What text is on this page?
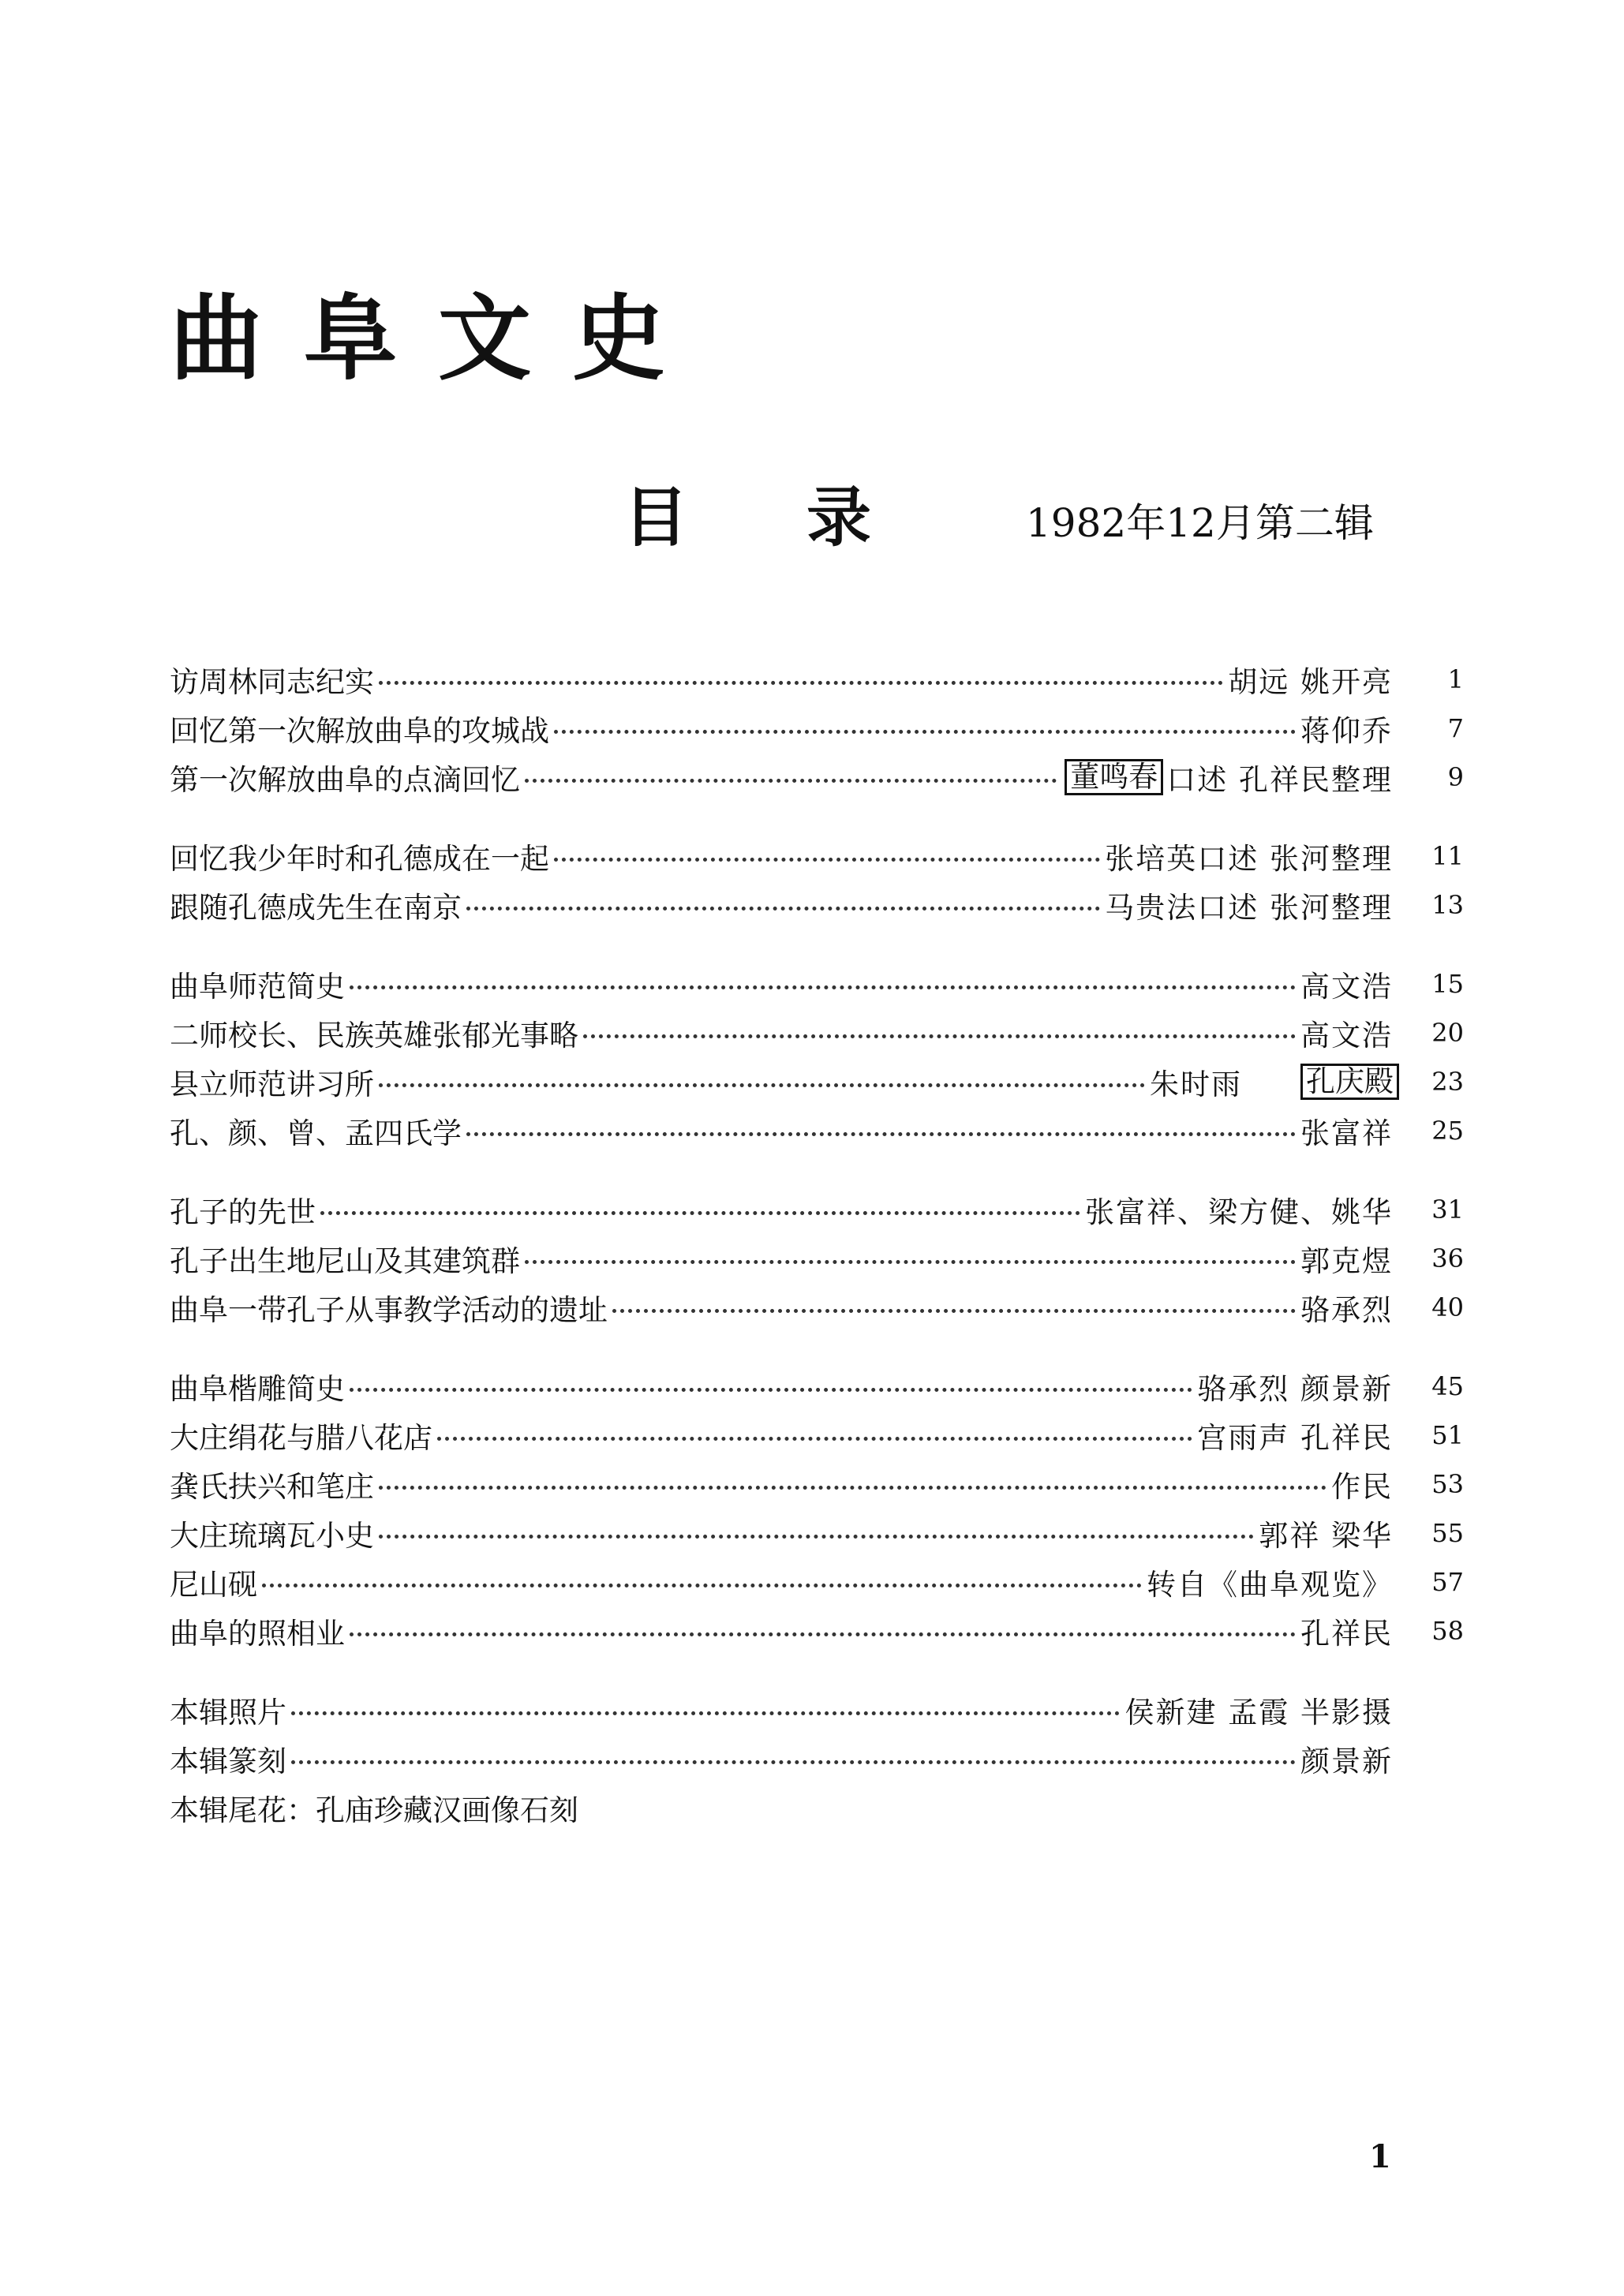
曲阜文史
目 录	1982年12月第二辑
访周林同志纪实	胡远 姚开亮	1
回忆第一次解放曲阜的攻城战	蒋仰乔	7
第一次解放曲阜的点滴回忆	董鸣春 口述 孔祥民整理	9
回忆我少年时和孔德成在一起	张培英口述 张河整理	11
跟随孔德成先生在南京	马贵法口述 张河整理	13
曲阜师范简史	高文浩	15
二师校长、民族英雄张郁光事略	高文浩	20
县立师范讲习所	朱时雨 孔庆殿	23
孔、颜、曾、孟四氏学	张富祥	25
孔子的先世	张富祥、梁方健、姚华	31
孔子出生地尼山及其建筑群	郭克煜	36
曲阜一带孔子从事教学活动的遗址	骆承烈	40
曲阜楷雕简史	骆承烈 颜景新	45
大庄绢花与腊八花店	宫雨声 孔祥民	51
龚氏扶兴和笔庄	作民	53
大庄琉璃瓦小史	郭祥 梁华	55
尼山砚	转自《曲阜观览》	57
曲阜的照相业	孔祥民	58
本辑照片	侯新建 孟霞 半影摄
本辑篆刻	颜景新
本辑尾花：孔庙珍藏汉画像石刻
1
